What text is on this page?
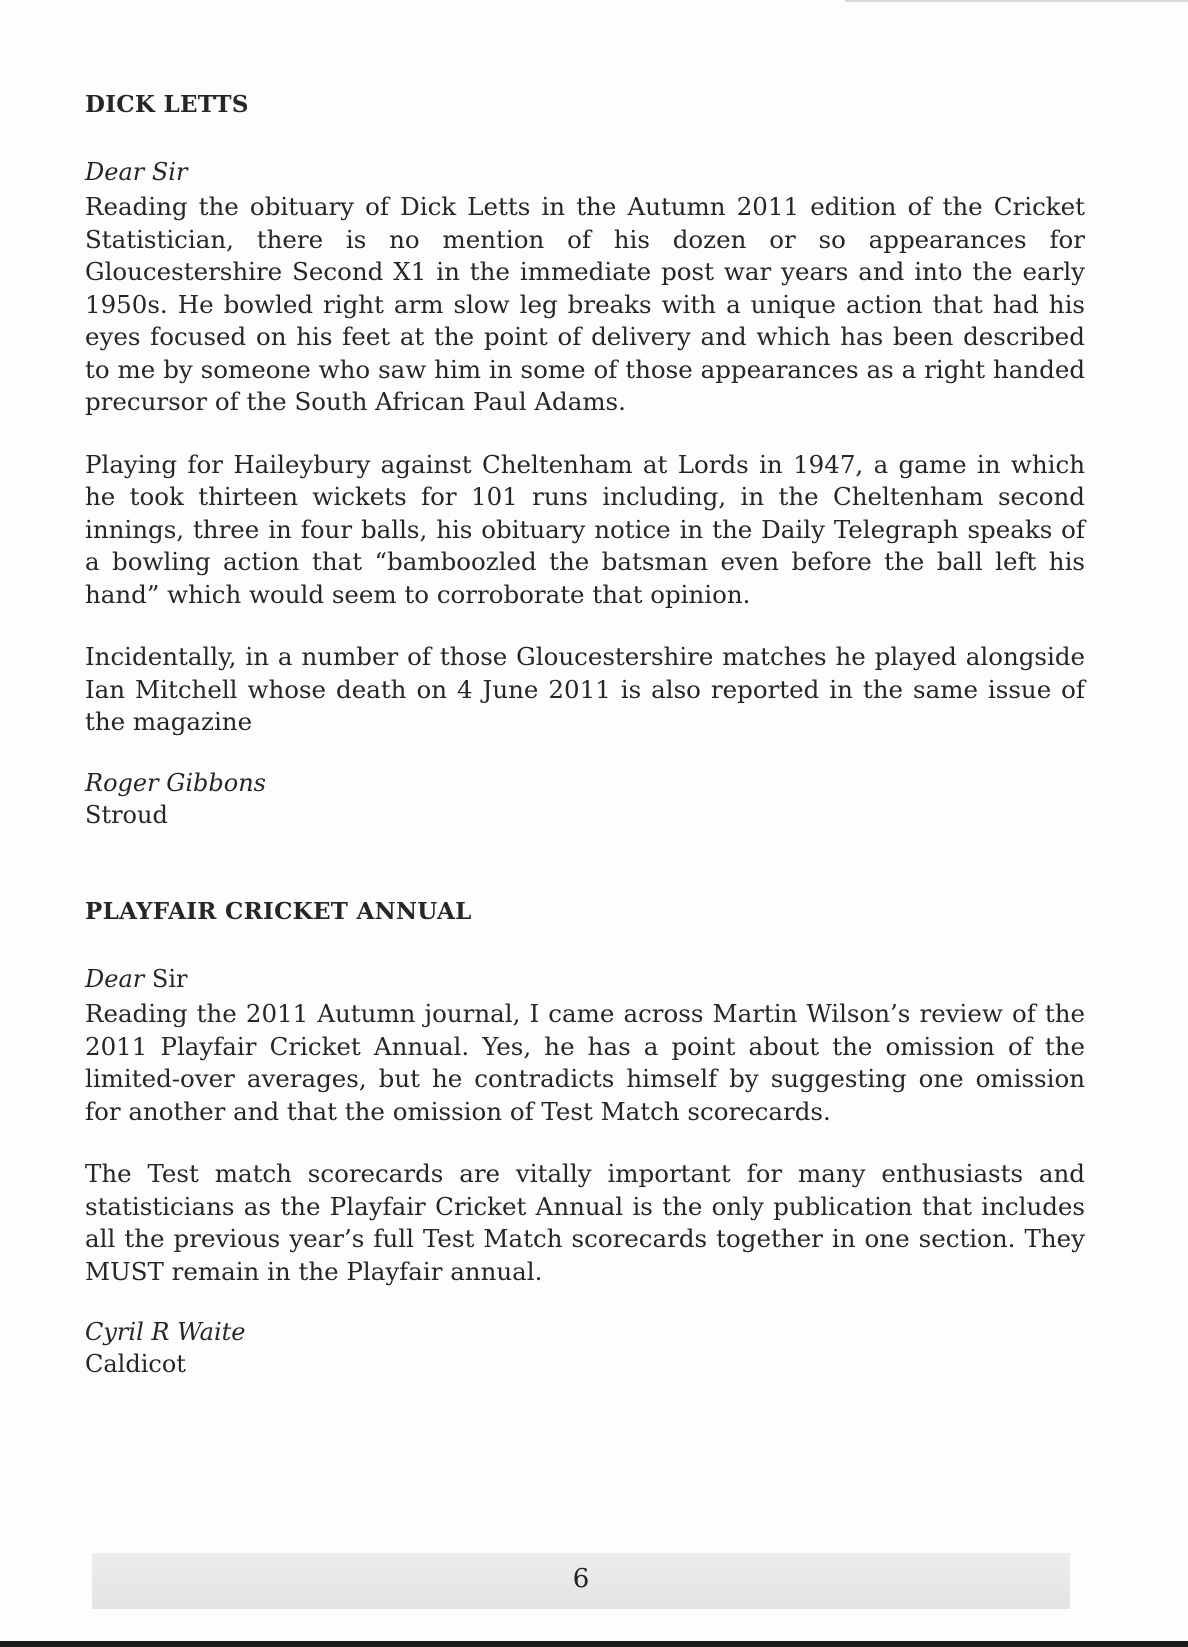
DICK LETTS

Dear Sir

Reading the obituary of Dick Letts in the Autumn 2011 edition of the Cricket Statistician, there is no mention of his dozen or so appearances for Gloucestershire Second X1 in the immediate post war years and into the early 1950s. He bowled right arm slow leg breaks with a unique action that had his eyes focused on his feet at the point of delivery and which has been described to me by someone who saw him in some of those appearances as a right handed precursor of the South African Paul Adams.

Playing for Haileybury against Cheltenham at Lords in 1947, a game in which he took thirteen wickets for 101 runs including, in the Cheltenham second innings, three in four balls, his obituary notice in the Daily Telegraph speaks of a bowling action that “bamboozled the batsman even before the ball left his hand” which would seem to corroborate that opinion.

Incidentally, in a number of those Gloucestershire matches he played alongside Ian Mitchell whose death on 4 June 2011 is also reported in the same issue of the magazine

Roger Gibbons

Stroud

PLAYFAIR CRICKET ANNUAL

Dear Sir

Reading the 2011 Autumn journal, I came across Martin Wilson’s review of the 2011 Playfair Cricket Annual. Yes, he has a point about the omission of the limited-over averages, but he contradicts himself by suggesting one omission for another and that the omission of Test Match scorecards.

The Test match scorecards are vitally important for many enthusiasts and statisticians as the Playfair Cricket Annual is the only publication that includes all the previous year’s full Test Match scorecards together in one section. They MUST remain in the Playfair annual.

Cyril R Waite

Caldicot

6
